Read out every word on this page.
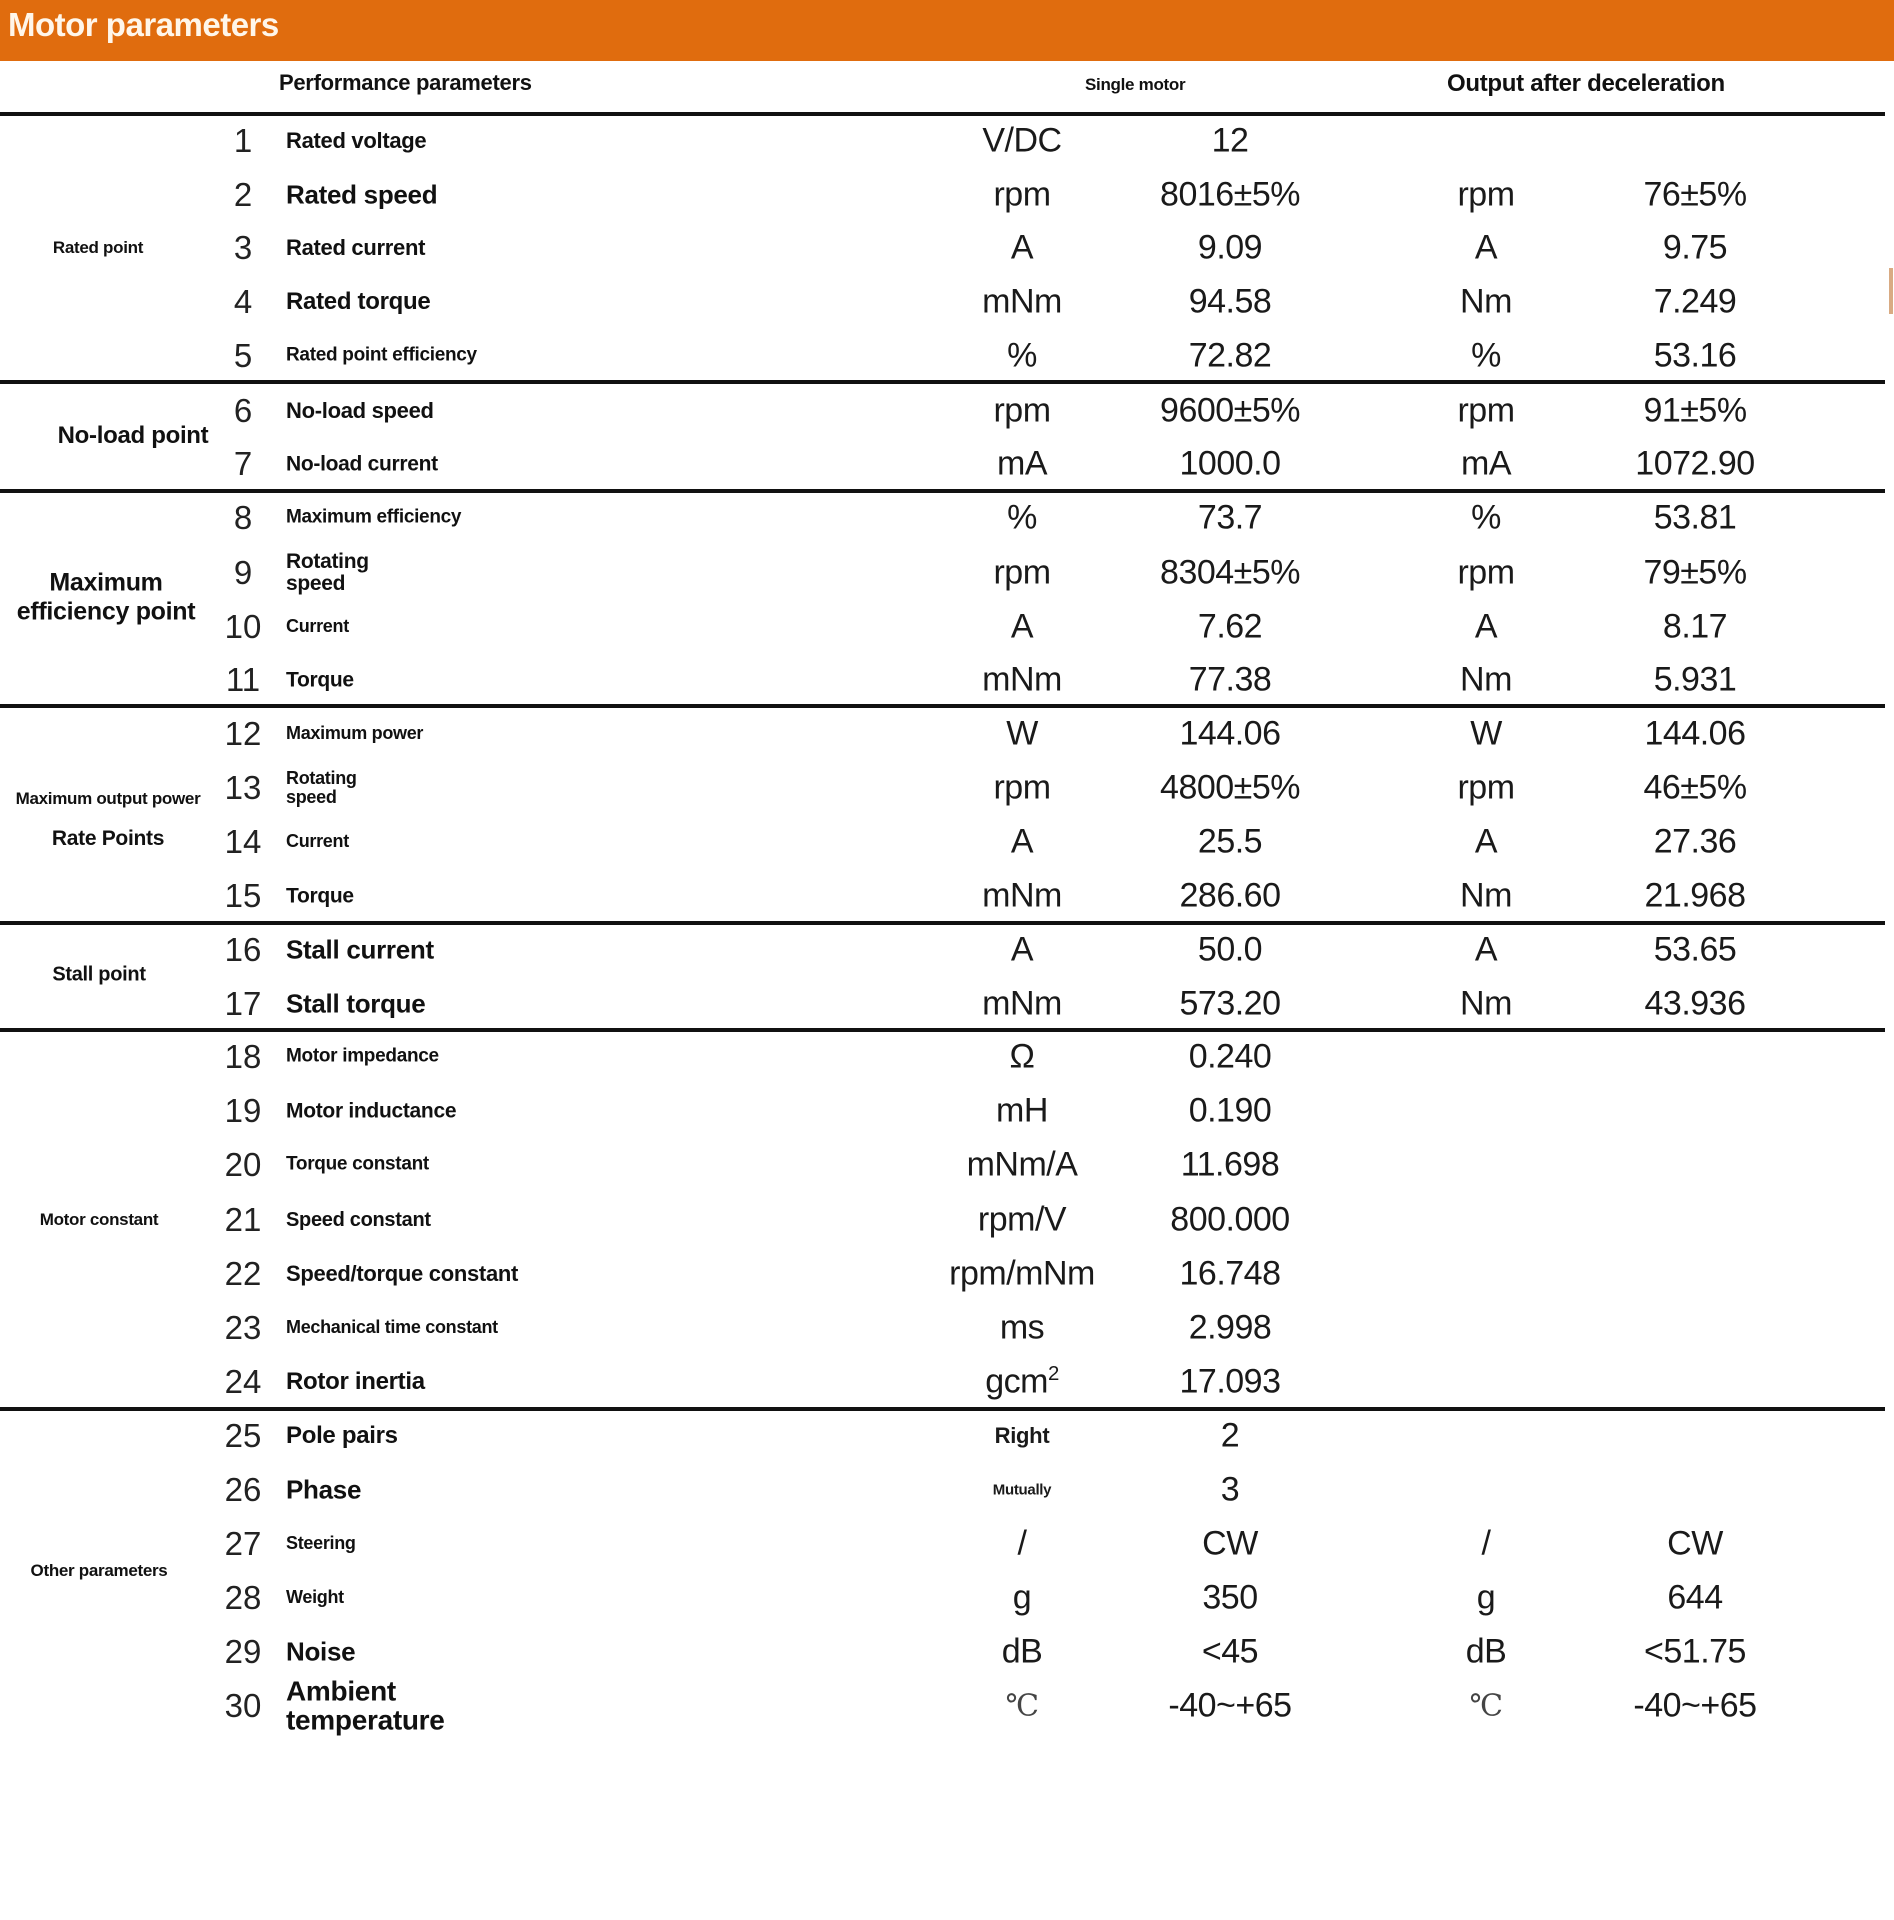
Motor parameters
Performance parameters	Single motor	Output after deceleration
Rated point
No-load point
Maximum
efficiency point
Maximum output power
Rate Points
Stall point
Motor constant
Other parameters
1 Rated voltage	V/DC	12
2 Rated speed	rpm	8016±5%	rpm	76±5%
3 Rated current	A	9.09	A	9.75
4 Rated torque	mNm	94.58	Nm	7.249
5 Rated point efficiency	%	72.82	%	53.16
6 No-load speed	rpm	9600±5%	rpm	91±5%
7 No-load current	mA	1000.0	mA	1072.90
8 Maximum efficiency	%	73.7	%	53.81
9 Rotating
speed	rpm	8304±5%	rpm	79±5%
10 Current	A	7.62	A	8.17
11 Torque	mNm	77.38	Nm	5.931
12 Maximum power	W	144.06	W	144.06
13 Rotating
speed	rpm	4800±5%	rpm	46±5%
14 Current	A	25.5	A	27.36
15 Torque	mNm	286.60	Nm	21.968
16 Stall current	A	50.0	A	53.65
17 Stall torque	mNm	573.20	Nm	43.936
18 Motor impedance	Ω	0.240
19 Motor inductance	mH	0.190
20 Torque constant	mNm/A	11.698
21 Speed constant	rpm/V	800.000
22 Speed/torque constant	rpm/mNm 16.748
23 Mechanical time constant	ms	2.998
24 Rotor inertia	gcm$^2$	17.093
25 Pole pairs	Right	2
26 Phase	Mutually	3
27 Steering	/	CW	/	CW
28 Weight	g	350	g	644
29 Noise	dB	<45	dB	<51.75
30 Ambient
temperature	℃	-40~+65	℃	-40~+65
